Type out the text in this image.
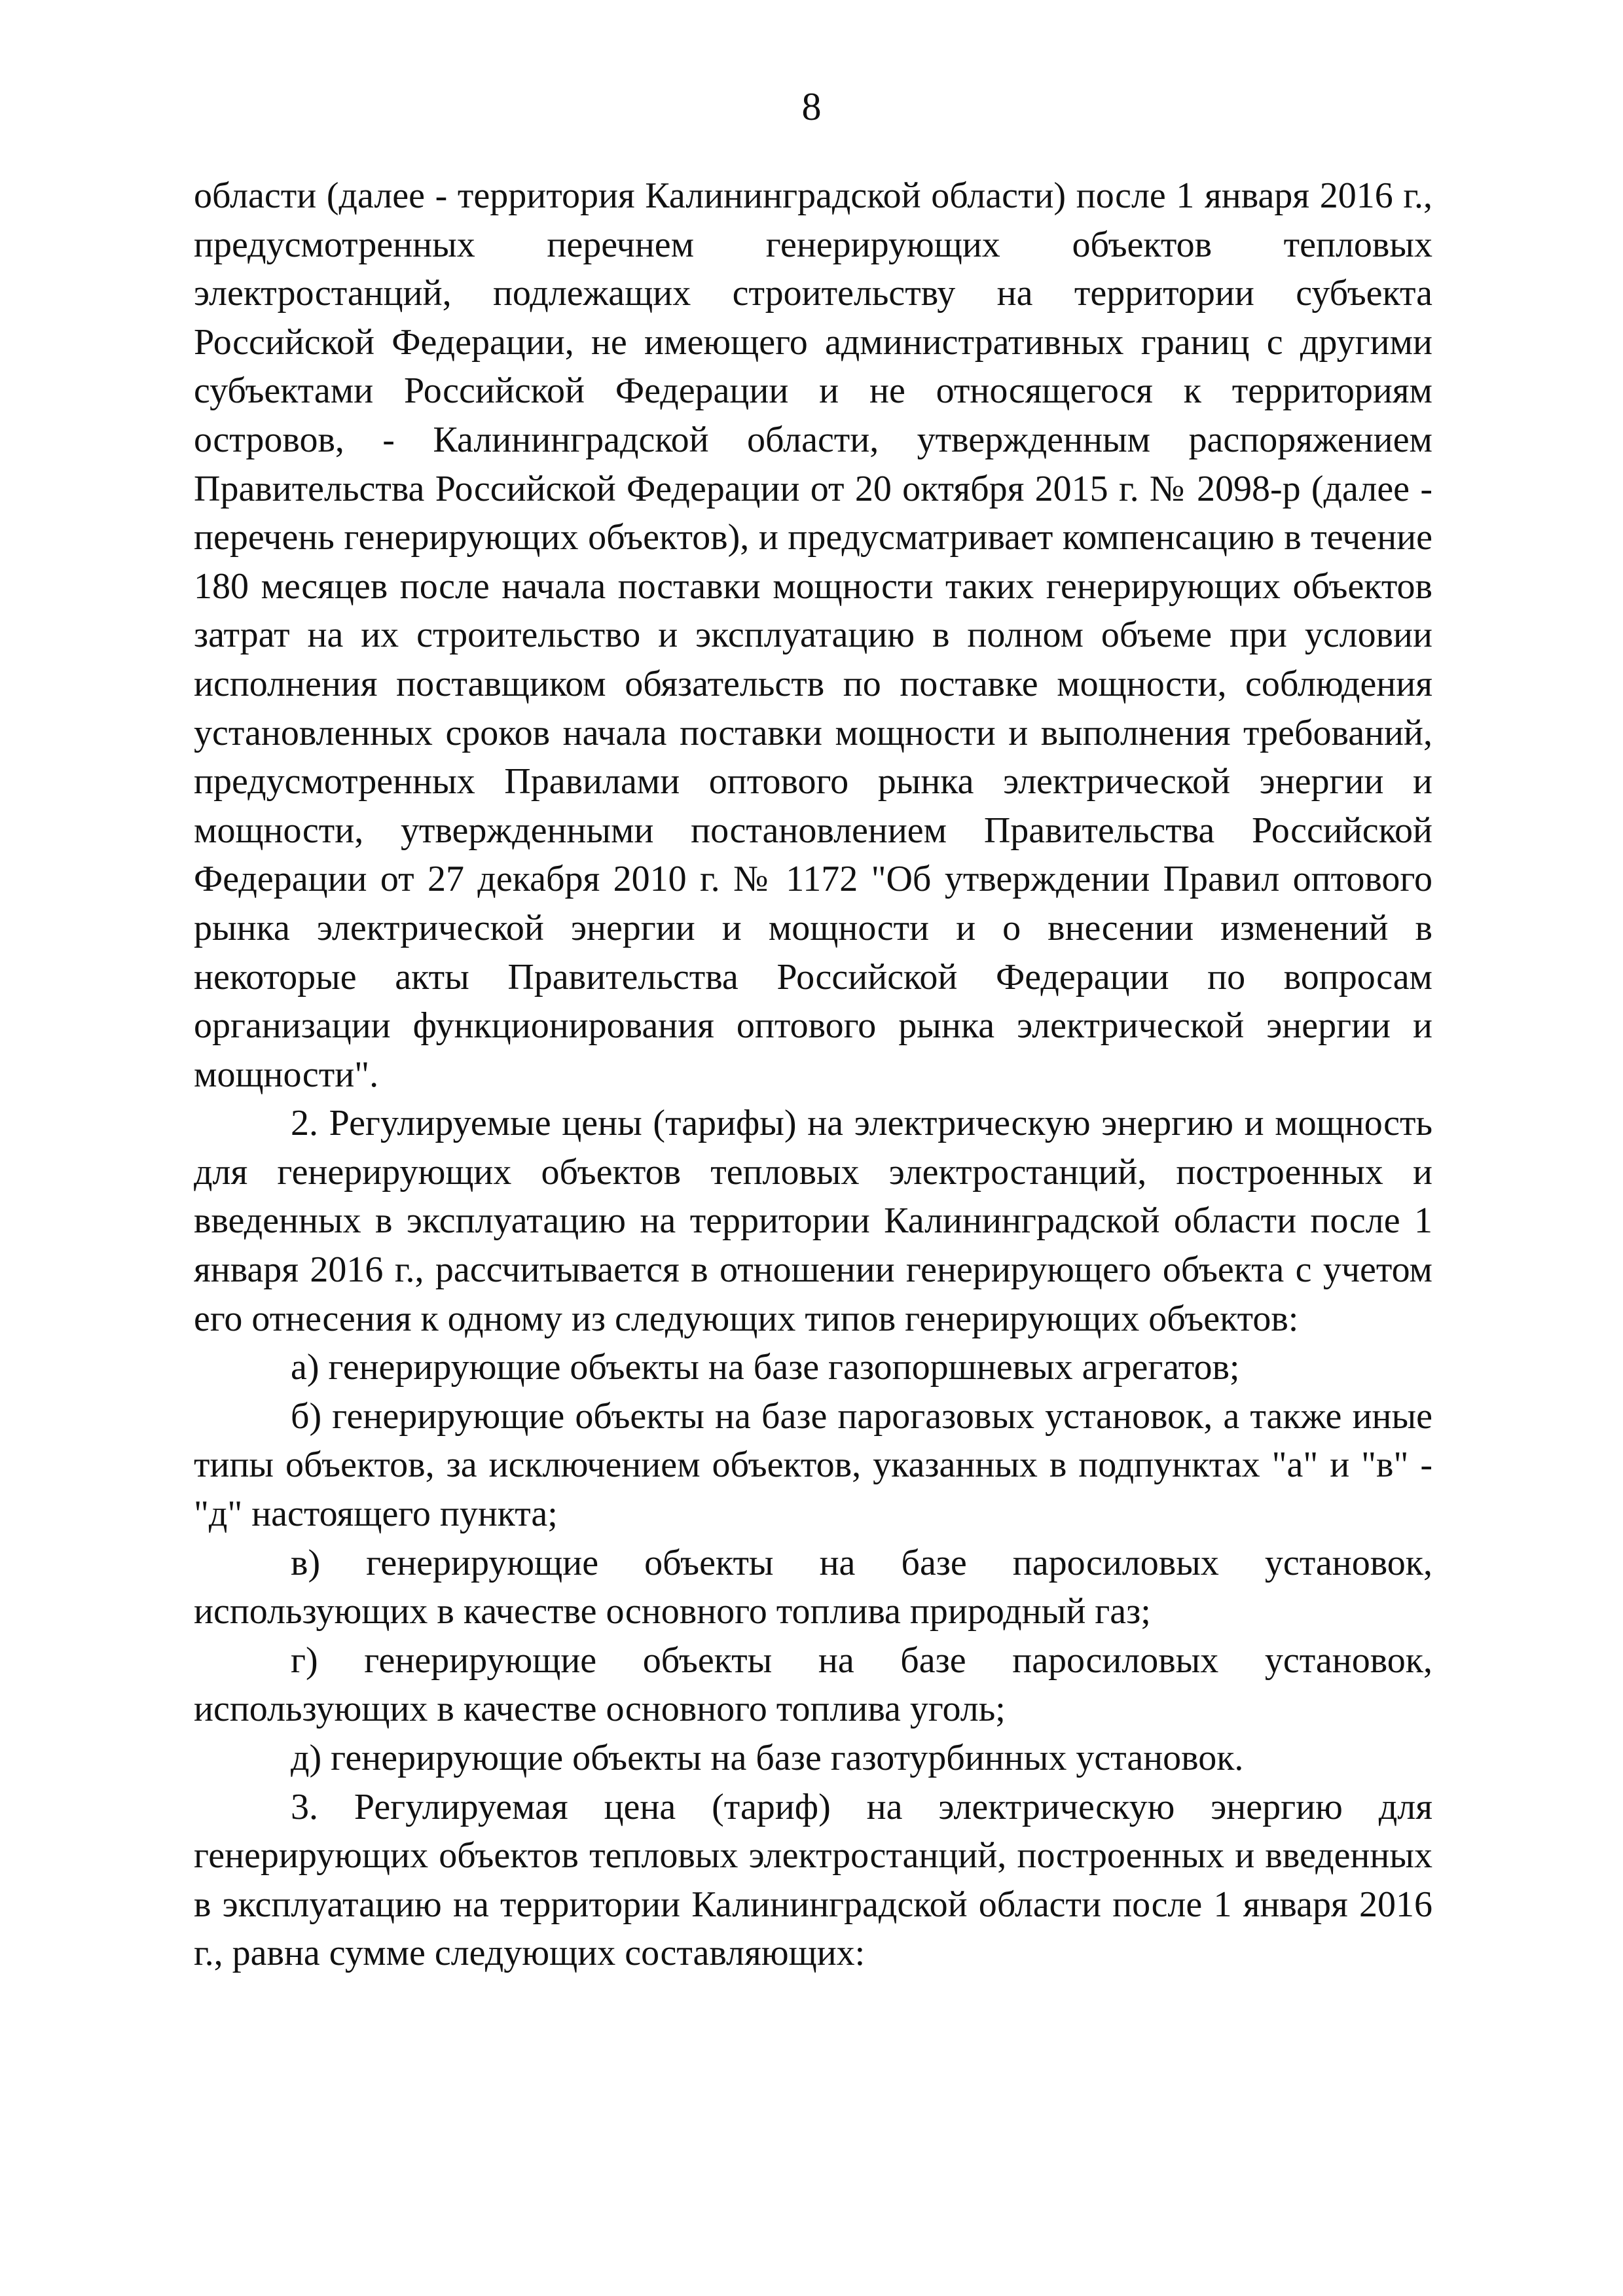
8

области (далее - территория Калининградской области) после 1 января 2016 г., предусмотренных перечнем генерирующих объектов тепловых электростанций, подлежащих строительству на территории субъекта Российской Федерации, не имеющего административных границ с другими субъектами Российской Федерации и не относящегося к территориям островов, - Калининградской области, утвержденным распоряжением Правительства Российской Федерации от 20 октября 2015 г. № 2098-р (далее - перечень генерирующих объектов), и предусматривает компенсацию в течение 180 месяцев после начала поставки мощности таких генерирующих объектов затрат на их строительство и эксплуатацию в полном объеме при условии исполнения поставщиком обязательств по поставке мощности, соблюдения установленных сроков начала поставки мощности и выполнения требований, предусмотренных Правилами оптового рынка электрической энергии и мощности, утвержденными постановлением Правительства Российской Федерации от 27 декабря 2010 г. № 1172 "Об утверждении Правил оптового рынка электрической энергии и мощности и о внесении изменений в некоторые акты Правительства Российской Федерации по вопросам организации функционирования оптового рынка электрической энергии и мощности".

2. Регулируемые цены (тарифы) на электрическую энергию и мощность для генерирующих объектов тепловых электростанций, построенных и введенных в эксплуатацию на территории Калининградской области после 1 января 2016 г., рассчитывается в отношении генерирующего объекта с учетом его отнесения к одному из следующих типов генерирующих объектов:

а) генерирующие объекты на базе газопоршневых агрегатов;

б) генерирующие объекты на базе парогазовых установок, а также иные типы объектов, за исключением объектов, указанных в подпунктах "а" и "в" - "д" настоящего пункта;

в) генерирующие объекты на базе паросиловых установок, использующих в качестве основного топлива природный газ;

г) генерирующие объекты на базе паросиловых установок, использующих в качестве основного топлива уголь;

д) генерирующие объекты на базе газотурбинных установок.

3. Регулируемая цена (тариф) на электрическую энергию для генерирующих объектов тепловых электростанций, построенных и введенных в эксплуатацию на территории Калининградской области после 1 января 2016 г., равна сумме следующих составляющих:
